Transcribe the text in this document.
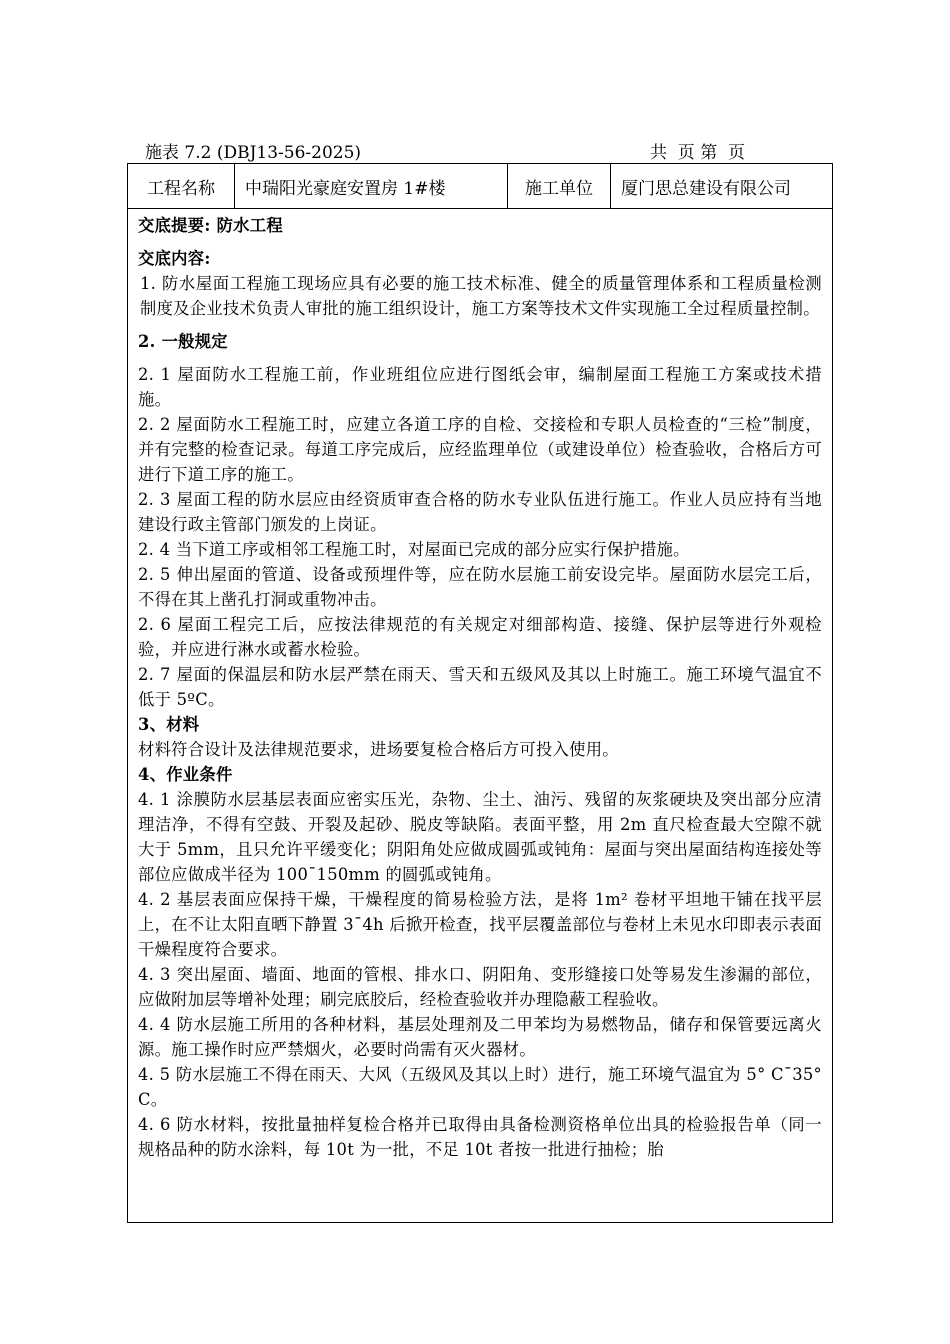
施表 7.2 (DBJ13-56-2025)	共  页 第  页
工程名称	中瑞阳光豪庭安置房 1#楼	施工单位	厦门思总建设有限公司

交底提要: 防水工程

交底内容:

1. 防水屋面工程施工现场应具有必要的施工技术标准、健全的质量管理体系和工程质量检测制度及企业技术负责人审批的施工组织设计，施工方案等技术文件实现施工全过程质量控制。

2. 一般规定

2. 1 屋面防水工程施工前，作业班组位应进行图纸会审，编制屋面工程施工方案或技术措施。

2. 2 屋面防水工程施工时，应建立各道工序的自检、交接检和专职人员检查的“三检”制度，并有完整的检查记录。每道工序完成后，应经监理单位（或建设单位）检查验收，合格后方可进行下道工序的施工。

2. 3 屋面工程的防水层应由经资质审查合格的防水专业队伍进行施工。作业人员应持有当地建设行政主管部门颁发的上岗证。

2. 4 当下道工序或相邻工程施工时，对屋面已完成的部分应实行保护措施。

2. 5 伸出屋面的管道、设备或预埋件等，应在防水层施工前安设完毕。屋面防水层完工后，不得在其上凿孔打洞或重物冲击。

2. 6 屋面工程完工后，应按法律规范的有关规定对细部构造、接缝、保护层等进行外观检验，并应进行淋水或蓄水检验。

2. 7 屋面的保温层和防水层严禁在雨天、雪天和五级风及其以上时施工。施工环境气温宜不低于 5ºC。

3、材料

材料符合设计及法律规范要求，进场要复检合格后方可投入使用。

4、作业条件

4. 1 涂膜防水层基层表面应密实压光，杂物、尘土、油污、残留的灰浆硬块及突出部分应清理洁净，不得有空鼓、开裂及起砂、脱皮等缺陷。表面平整，用 2m 直尺检查最大空隙不就大于 5mm，且只允许平缓变化；阴阳角处应做成圆弧或钝角：屋面与突出屋面结构连接处等部位应做成半径为 100¯150mm 的圆弧或钝角。

4. 2 基层表面应保持干燥，干燥程度的简易检验方法，是将 1m² 卷材平坦地干铺在找平层上，在不让太阳直晒下静置 3¯4h 后掀开检查，找平层覆盖部位与卷材上未见水印即表示表面干燥程度符合要求。

4. 3 突出屋面、墙面、地面的管根、排水口、阴阳角、变形缝接口处等易发生渗漏的部位，应做附加层等增补处理；刷完底胶后，经检查验收并办理隐蔽工程验收。

4. 4 防水层施工所用的各种材料，基层处理剂及二甲苯均为易燃物品，储存和保管要远离火源。施工操作时应严禁烟火，必要时尚需有灭火器材。

4. 5 防水层施工不得在雨天、大风（五级风及其以上时）进行，施工环境气温宜为 5° C¯35° C。

4. 6 防水材料，按批量抽样复检合格并已取得由具备检测资格单位出具的检验报告单（同一规格品种的防水涂料，每 10t 为一批，不足 10t 者按一批进行抽检；胎
